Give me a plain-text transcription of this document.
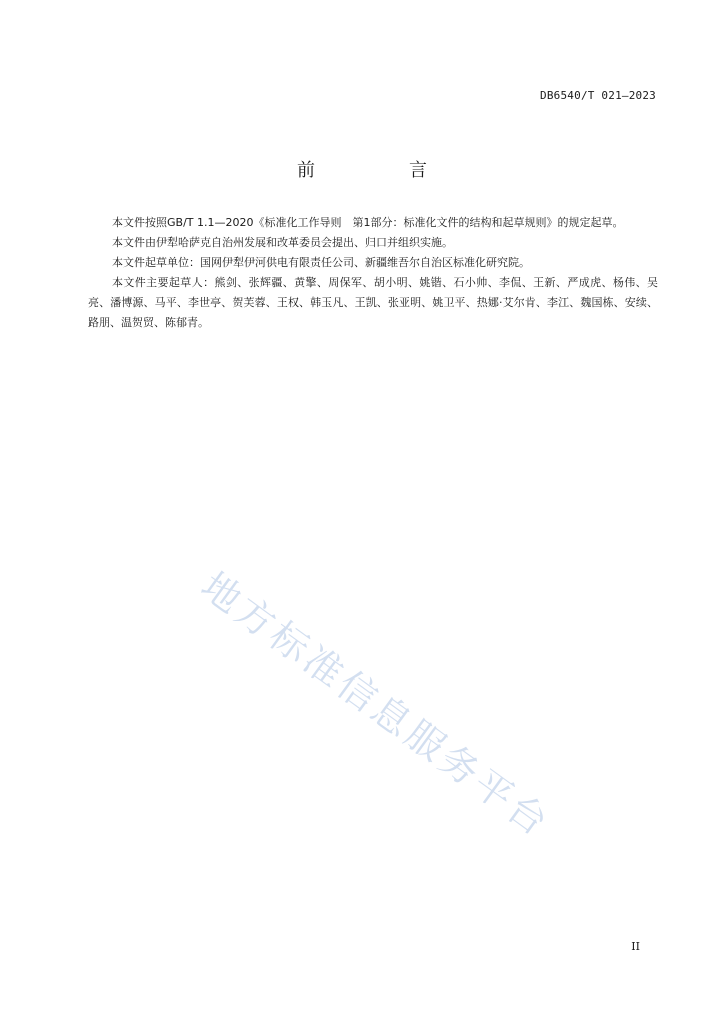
DB6540/T 021—2023
前　言

本文件按照GB/T 1.1—2020《标准化工作导则　第1部分：标准化文件的结构和起草规则》的规定起草。

本文件由伊犁哈萨克自治州发展和改革委员会提出、归口并组织实施。

本文件起草单位：国网伊犁伊河供电有限责任公司、新疆维吾尔自治区标准化研究院。

本文件主要起草人：熊剑、张辉疆、黄擎、周保军、胡小明、姚锴、石小帅、李侃、王新、严成虎、杨伟、吴亮、潘博源、马平、李世亭、贺芙蓉、王权、韩玉凡、王凯、张亚明、姚卫平、热娜·艾尔肯、李江、魏国栋、安续、路朋、温贺贸、陈郁青。

地方标准信息服务平台
II
